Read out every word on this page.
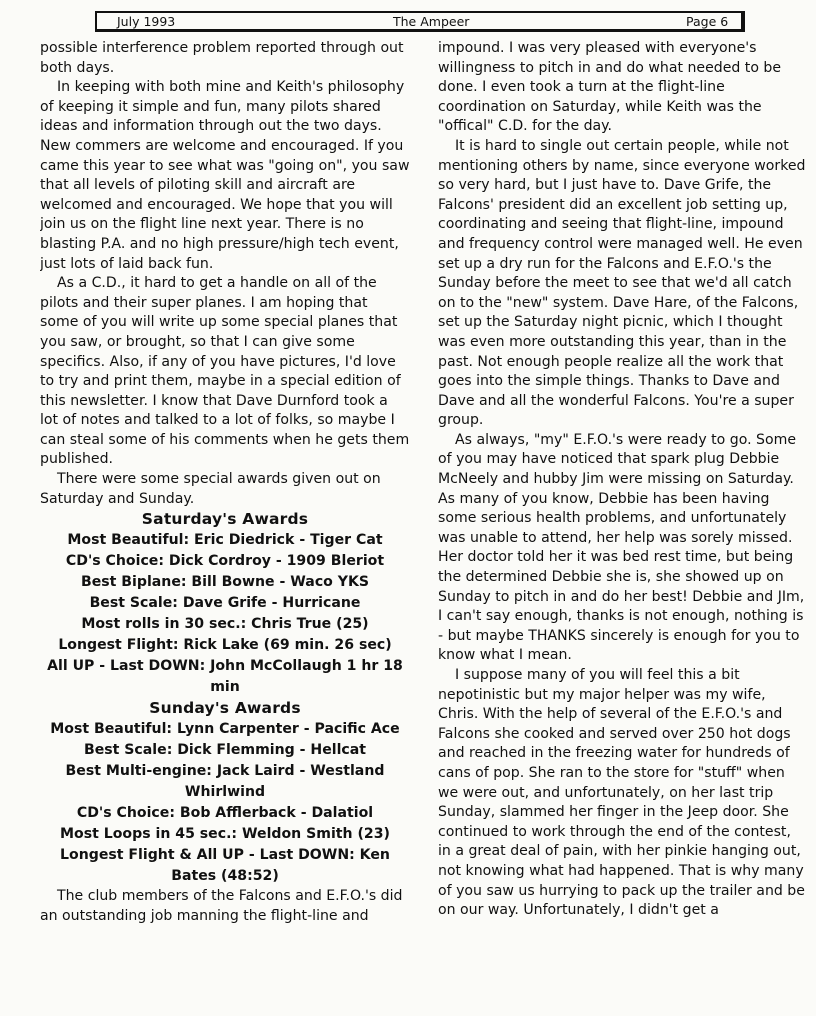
July 1993	The Ampeer	Page 6

possible interference problem reported through out both days.

In keeping with both mine and Keith's philosophy of keeping it simple and fun, many pilots shared ideas and information through out the two days. New commers are welcome and encouraged. If you came this year to see what was "going on", you saw that all levels of piloting skill and aircraft are welcomed and encouraged. We hope that you will join us on the flight line next year. There is no blasting P.A. and no high pressure/high tech event, just lots of laid back fun.

As a C.D., it hard to get a handle on all of the pilots and their super planes. I am hoping that some of you will write up some special planes that you saw, or brought, so that I can give some specifics. Also, if any of you have pictures, I'd love to try and print them, maybe in a special edition of this newsletter. I know that Dave Durnford took a lot of notes and talked to a lot of folks, so maybe I can steal some of his comments when he gets them published.

There were some special awards given out on Saturday and Sunday.

Saturday's Awards
Most Beautiful: Eric Diedrick - Tiger Cat
CD's Choice: Dick Cordroy - 1909 Bleriot
Best Biplane: Bill Bowne - Waco YKS
Best Scale: Dave Grife - Hurricane
Most rolls in 30 sec.: Chris True (25)
Longest Flight: Rick Lake (69 min. 26 sec)
All UP - Last DOWN: John McCollaugh 1 hr 18 min
Sunday's Awards
Most Beautiful: Lynn Carpenter - Pacific Ace
Best Scale: Dick Flemming - Hellcat
Best Multi-engine: Jack Laird - Westland Whirlwind
CD's Choice: Bob Afflerback - Dalatiol
Most Loops in 45 sec.: Weldon Smith (23)
Longest Flight & All UP - Last DOWN: Ken Bates (48:52)

The club members of the Falcons and E.F.O.'s did an outstanding job manning the flight-line and

impound. I was very pleased with everyone's willingness to pitch in and do what needed to be done. I even took a turn at the flight-line coordination on Saturday, while Keith was the "offical" C.D. for the day.

It is hard to single out certain people, while not mentioning others by name, since everyone worked so very hard, but I just have to. Dave Grife, the Falcons' president did an excellent job setting up, coordinating and seeing that flight-line, impound and frequency control were managed well. He even set up a dry run for the Falcons and E.F.O.'s the Sunday before the meet to see that we'd all catch on to the "new" system. Dave Hare, of the Falcons, set up the Saturday night picnic, which I thought was even more outstanding this year, than in the past. Not enough people realize all the work that goes into the simple things. Thanks to Dave and Dave and all the wonderful Falcons. You're a super group.

As always, "my" E.F.O.'s were ready to go. Some of you may have noticed that spark plug Debbie McNeely and hubby Jim were missing on Saturday. As many of you know, Debbie has been having some serious health problems, and unfortunately was unable to attend, her help was sorely missed. Her doctor told her it was bed rest time, but being the determined Debbie she is, she showed up on Sunday to pitch in and do her best! Debbie and JIm, I can't say enough, thanks is not enough, nothing is - but maybe THANKS sincerely is enough for you to know what I mean.

I suppose many of you will feel this a bit nepotinistic but my major helper was my wife, Chris. With the help of several of the E.F.O.'s and Falcons she cooked and served over 250 hot dogs and reached in the freezing water for hundreds of cans of pop. She ran to the store for "stuff" when we were out, and unfortunately, on her last trip Sunday, slammed her finger in the Jeep door. She continued to work through the end of the contest, in a great deal of pain, with her pinkie hanging out, not knowing what had happened. That is why many of you saw us hurrying to pack up the trailer and be on our way. Unfortunately, I didn't get a
